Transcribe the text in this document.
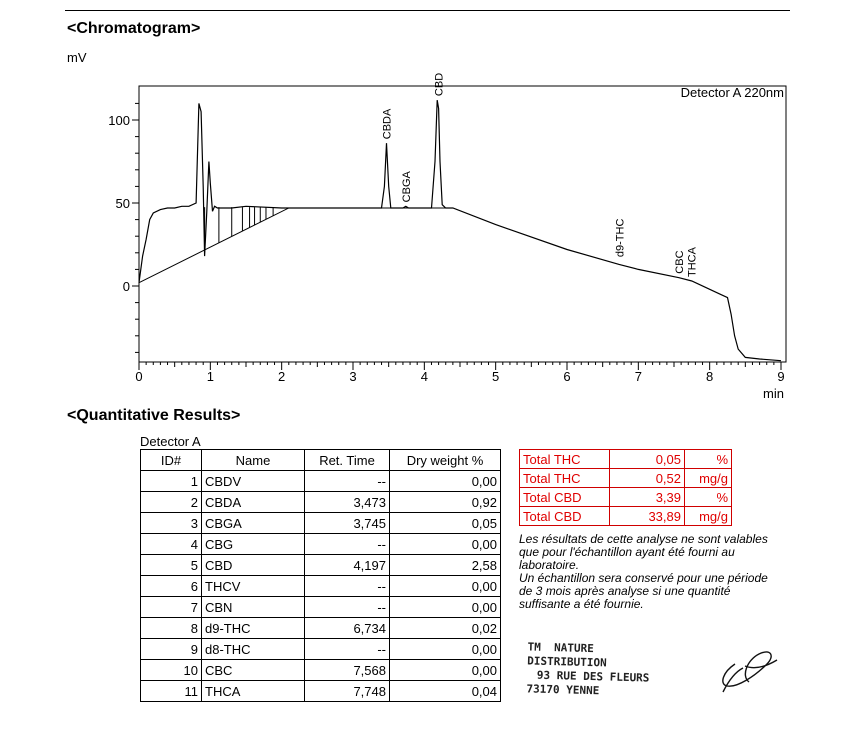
<Chromatogram>
mV
0
50
100
0	1	2	3	4	5	6	7	8	9
CBDA
CBGA
CBD
d9-THC
CBC THCA
Detector A 220nm
min
<Quantitative Results>
Detector A
ID#	Name	Ret. Time	Dry weight %
1	CBDV	--	0,00
2	CBDA	3,473	0,92
3	CBGA	3,745	0,05
4	CBG	--	0,00
5	CBD	4,197	2,58
6	THCV	--	0,00
7	CBN	--	0,00
8	d9-THC	6,734	0,02
9	d8-THC	--	0,00
10	CBC	7,568	0,00
11	THCA	7,748	0,04
Total THC	0,05	%
Total THC	0,52	mg/g
Total CBD	3,39	%
Total CBD	33,89	mg/g

Les résultats de cette analyse ne sont valables que pour l'échantillon ayant été fourni au laboratoire.

Un échantillon sera conservé pour une période de 3 mois après analyse si une quantité suffisante a été fournie.

TM  NATURE
DISTRIBUTION
93 RUE DES FLEURS
73170 YENNE
